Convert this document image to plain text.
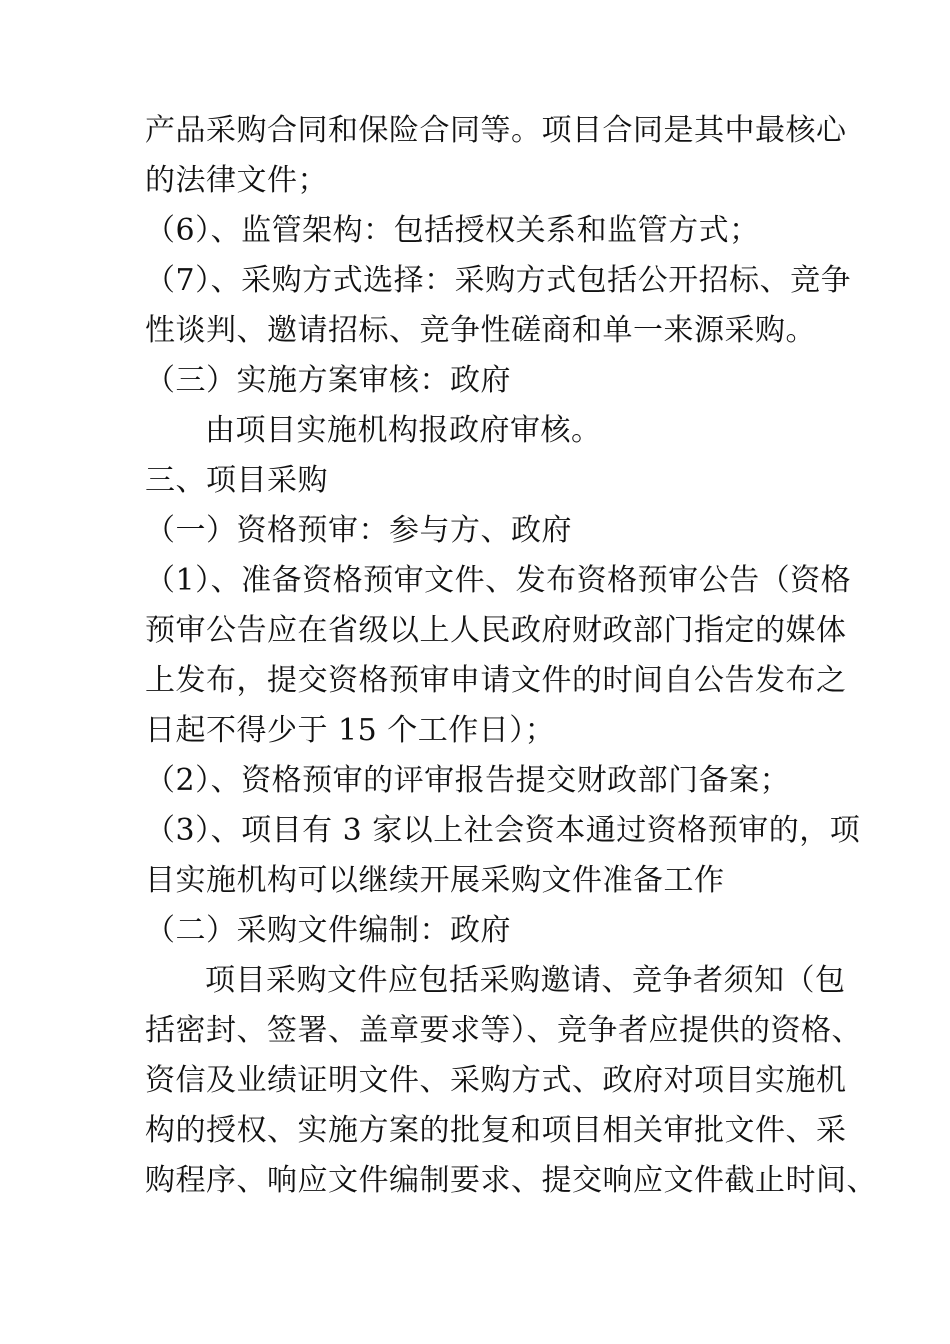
产品采购合同和保险合同等。项目合同是其中最核心
的法律文件；
（6）、监管架构：包括授权关系和监管方式；
（7）、采购方式选择：采购方式包括公开招标、竞争
性谈判、邀请招标、竞争性磋商和单一来源采购。
（三）实施方案审核：政府
由项目实施机构报政府审核。
三、项目采购
（一）资格预审：参与方、政府
（1）、准备资格预审文件、发布资格预审公告（资格
预审公告应在省级以上人民政府财政部门指定的媒体
上发布，提交资格预审申请文件的时间自公告发布之
日起不得少于 15 个工作日）；
（2）、资格预审的评审报告提交财政部门备案；
（3）、项目有 3 家以上社会资本通过资格预审的，项
目实施机构可以继续开展采购文件准备工作
（二）采购文件编制：政府
项目采购文件应包括采购邀请、竞争者须知（包
括密封、签署、盖章要求等）、竞争者应提供的资格、
资信及业绩证明文件、采购方式、政府对项目实施机
构的授权、实施方案的批复和项目相关审批文件、采
购程序、响应文件编制要求、提交响应文件截止时间、
